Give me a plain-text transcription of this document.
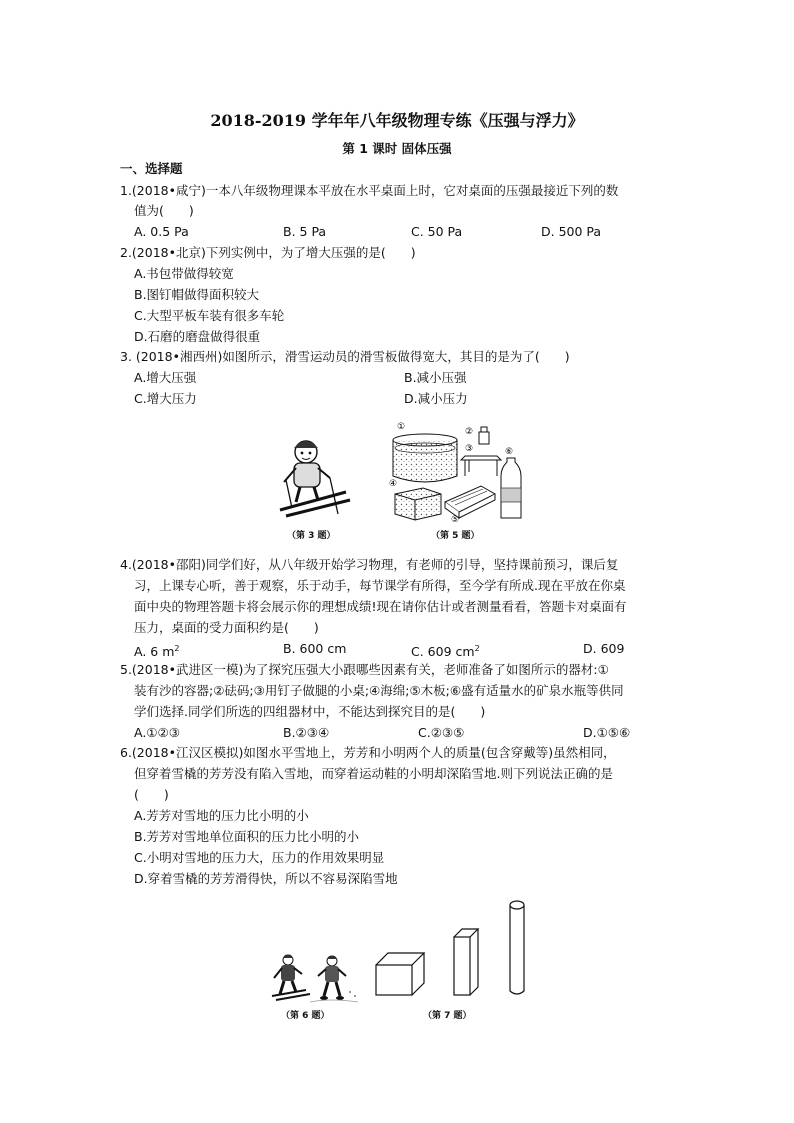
2018-2019 学年年八年级物理专练《压强与浮力》
第 1 课时 固体压强
一、选择题
1.(2018•咸宁)一本八年级物理课本平放在水平桌面上时，它对桌面的压强最接近下列的数
值为(　　)
A. 0.5 Pa	B. 5 Pa	C. 50 Pa	D. 500 Pa
2.(2018•北京)下列实例中，为了增大压强的是(　　)
A.书包带做得较宽
B.图钉帽做得面积较大
C.大型平板车装有很多车轮
D.石磨的磨盘做得很重
3. (2018•湘西州)如图所示，滑雪运动员的滑雪板做得宽大，其目的是为了(　　)
A.增大压强	B.减小压强
C.增大压力	D.减小压力
（第 3 题）
①	②
③	⑥
④
⑤
（第 5 题）
4.(2018•邵阳)同学们好，从八年级开始学习物理，有老师的引导，坚持课前预习，课后复
习，上课专心听，善于观察，乐于动手，每节课学有所得，至今学有所成.现在平放在你桌
面中央的物理答题卡将会展示你的理想成绩!现在请你估计或者测量看看，答题卡对桌面有
压力，桌面的受力面积约是(　　)
A. 6 $m^2$	B. 600 cm	C. 609 $cm^2$	D. 609
5.(2018•武进区一模)为了探究压强大小跟哪些因素有关，老师准备了如图所示的器材:①
装有沙的容器;②砝码;③用钉子做腿的小桌;④海绵;⑤木板;⑥盛有适量水的矿泉水瓶等供同
学们选择.同学们所选的四组器材中，不能达到探究目的是(　　)
A.①②③	B.②③④	C.②③⑤	D.①⑤⑥
6.(2018•江汉区模拟)如图水平雪地上，芳芳和小明两个人的质量(包含穿戴等)虽然相同，
但穿着雪橇的芳芳没有陷入雪地，而穿着运动鞋的小明却深陷雪地.则下列说法正确的是
(　　)
A.芳芳对雪地的压力比小明的小
B.芳芳对雪地单位面积的压力比小明的小
C.小明对雪地的压力大，压力的作用效果明显
D.穿着雪橇的芳芳滑得快，所以不容易深陷雪地
（第 6 题）	（第 7 题）
